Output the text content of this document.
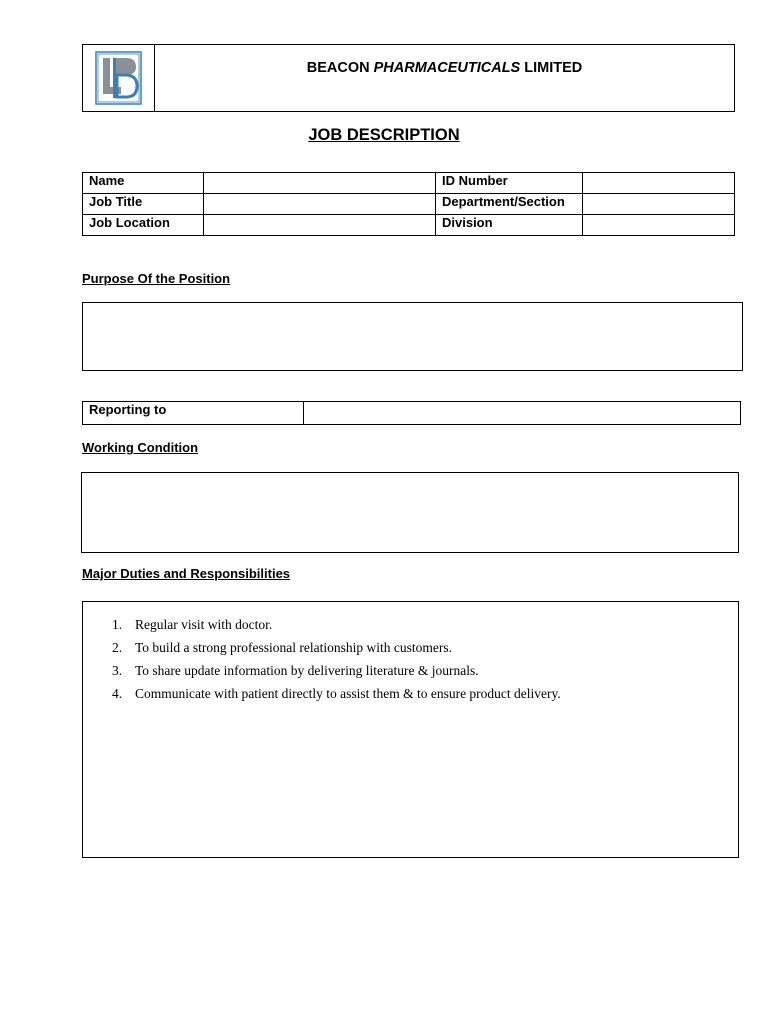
BEACON PHARMACEUTICALS LIMITED
JOB DESCRIPTION
Name		ID Number	
Job Title		Department/Section	
Job Location		Division	
Purpose Of the Position
Reporting to
Working Condition
Major Duties and Responsibilities
1. Regular visit with doctor.
2. To build a strong professional relationship with customers.
3. To share update information by delivering literature & journals.
4. Communicate with patient directly to assist them & to ensure product delivery.
